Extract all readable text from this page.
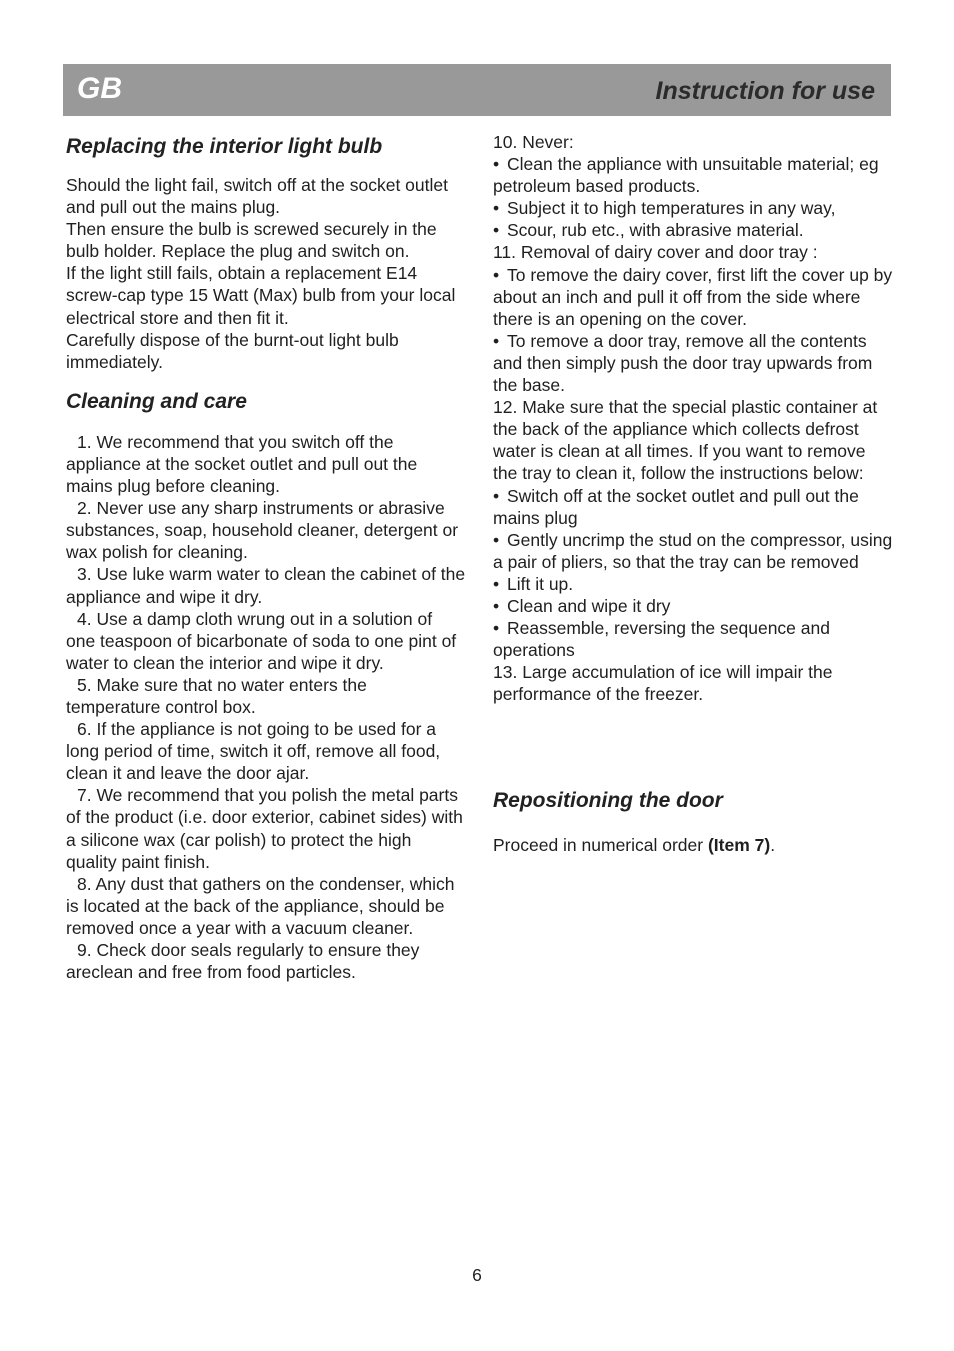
GB	Instruction for use
Replacing the interior light bulb

Should the light fail, switch off at the socket outlet and pull out the mains plug.

Then ensure the bulb is screwed securely in the bulb holder. Replace the plug and switch on.

If the light still fails, obtain a replacement E14 screw-cap type 15 Watt (Max) bulb from your local electrical store and then fit it.

Carefully dispose of the burnt-out light bulb immediately.

Cleaning and care

1. We recommend that you switch off the appliance at the socket outlet and pull out the mains plug before cleaning.

2. Never use any sharp instruments or abrasive substances, soap, household cleaner, detergent or wax polish for cleaning.

3. Use luke warm water to clean the cabinet of the appliance and wipe it dry.

4. Use a damp cloth wrung out in a solution of one teaspoon of bicarbonate of soda to one pint of water to clean the interior and wipe it dry.

5. Make sure that no water enters the temperature control box.

6. If the appliance is not going to be used for a long period of time, switch it off, remove all food, clean it and leave the door ajar.

7. We recommend that you polish the metal parts of the product (i.e. door exterior, cabinet sides) with a silicone wax (car polish) to protect the high quality paint finish.

8. Any dust that gathers on the condenser, which is located at the back of the appliance, should be removed once a year with a vacuum cleaner.

9. Check door seals regularly to ensure they areclean and free from food particles.

10. Never:

• Clean the appliance with unsuitable material; eg petroleum based products.

• Subject it to high temperatures in any way,

• Scour, rub etc., with abrasive material.

11. Removal of dairy cover and door tray :

• To remove the dairy cover, first lift the cover up by about an inch and pull it off from the side where there is an opening on the cover.

• To remove a door tray, remove all the contents and then simply push the door tray upwards from the base.

12. Make sure that the special plastic container at the back of the appliance which collects defrost water is clean at all times. If you want to remove the tray to clean it, follow the instructions below:

• Switch off at the socket outlet and pull out the mains plug

• Gently uncrimp the stud on the compressor, using a pair of pliers, so that the tray can be removed

• Lift it up.

• Clean and wipe it dry

• Reassemble, reversing the sequence and operations

13. Large accumulation of ice will impair the performance of the freezer.

Repositioning the door

Proceed in numerical order (Item 7).

6
